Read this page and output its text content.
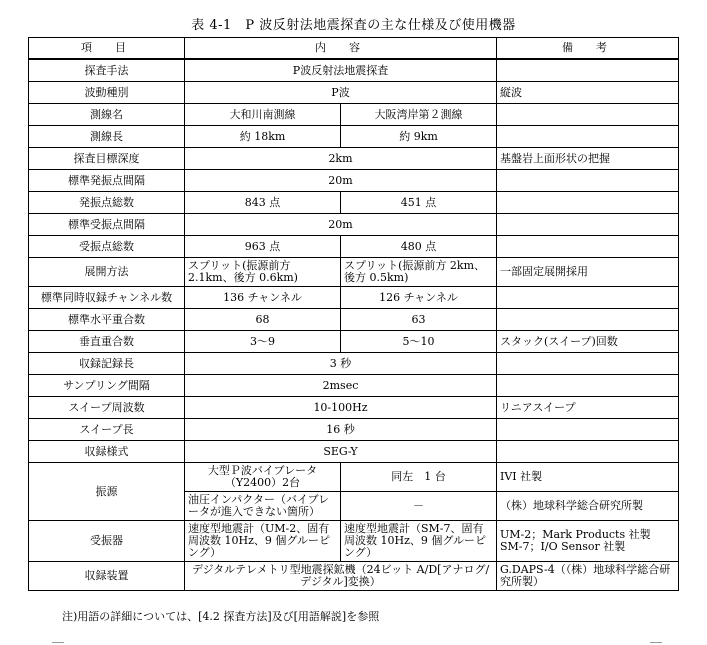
表 4-1　P 波反射法地震探査の主な仕様及び使用機器
項　目	内　容		備　考
探査手法	P波反射法地震探査		
波動種別	P波		縦波
測線名	大和川南測線	大阪湾岸第２測線	
測線長	約 18km	約 9km	
探査目標深度	2km		基盤岩上面形状の把握
標準発振点間隔	20m		
発振点総数	843 点	451 点	
標準受振点間隔	20m		
受振点総数	963 点	480 点	
展開方法	スプリット(振源前方 2.1km、後方 0.6km)	スプリット(振源前方 2km、後方 0.5km)	一部固定展開採用
標準同時収録チャンネル数	136 チャンネル	126 チャンネル	
標準水平重合数	68	63	
垂直重合数	3～9	5～10	スタック(スイープ)回数
収録記録長	3 秒		
サンプリング間隔	2msec		
スイープ周波数	10-100Hz		リニアスイープ
スイープ長	16 秒		
収録様式	SEG-Y		
振源	大型Ｐ波バイブレータ（Y2400）2台	同左　1 台	IVI 社製
	油圧インパクター（バイブレータが進入できない箇所）	－	（株）地球科学総合研究所製
受振器	速度型地震計（UM-2、固有周波数 10Hz、9 個グルーピング）	速度型地震計（SM-7、固有周波数 10Hz、9 個グルーピング）	UM-2；Mark Products 社製 SM-7；I/O Sensor 社製
収録装置	デジタルテレメトリ型地震探鉱機（24ビット A/D[アナログ/デジタル]変換）		G.DAPS-4（（株）地球科学総合研究所製）
注)用語の詳細については、[4.2 探査方法]及び[用語解説]を参照
